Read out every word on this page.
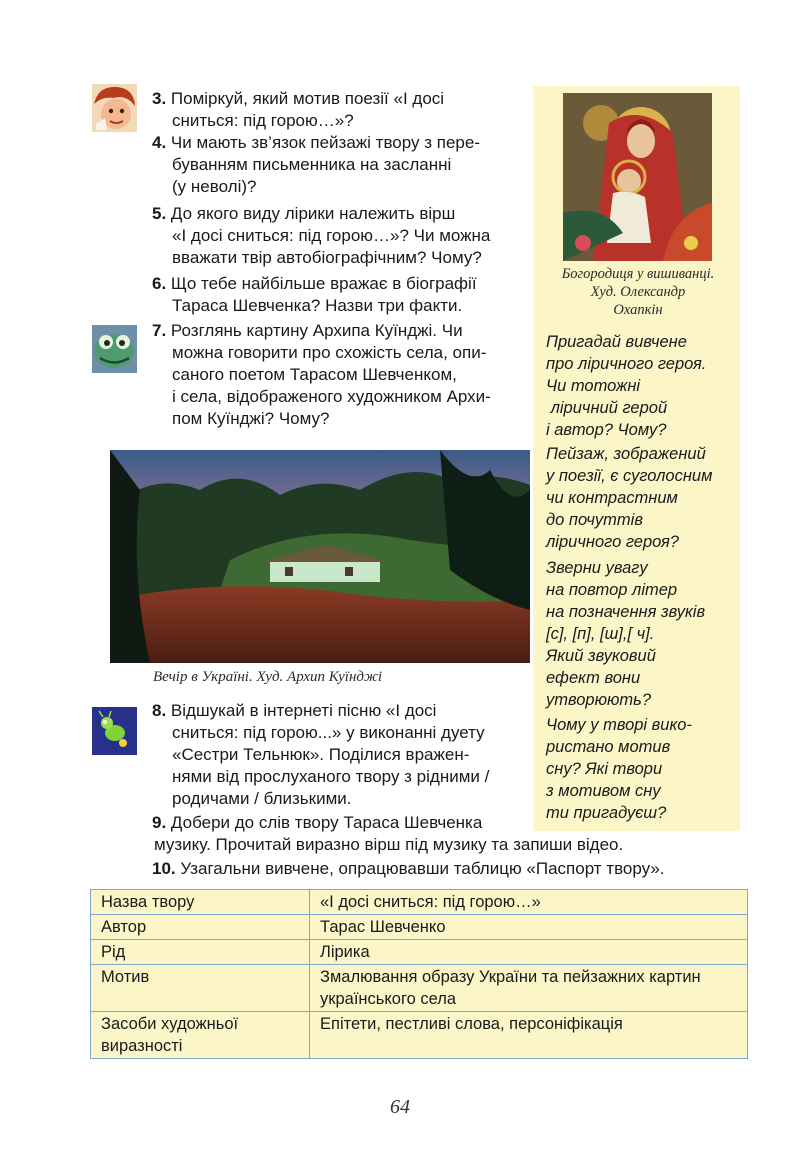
3. Поміркуй, який мотив поезії «І досі
сниться: під горою…»?
4. Чи мають зв’язок пейзажі твору з пере-
буванням письменника на засланні
(у неволі)?
5. До якого виду лірики належить вірш
«І досі сниться: під горою…»? Чи можна
вважати твір автобіографічним? Чому?
6. Що тебе найбільше вражає в біографії
Тараса Шевченка? Назви три факти.
7. Розглянь картину Архипа Куїнджі. Чи
можна говорити про схожість села, опи-
саного поетом Тарасом Шевченком,
і села, відображеного художником Архи-
пом Куїнджі? Чому?
Вечір в Україні. Худ. Архип Куїнджі
8. Відшукай в інтернеті пісню «І досі
сниться: під горою...» у виконанні дуету
«Сестри Тельнюк». Поділися вражен-
нями від прослуханого твору з рідними /
родичами / близькими.
9. Добери до слів твору Тараса Шевченка
музику. Прочитай виразно вірш під музику та запиши відео.
10. Узагальни вивчене, опрацювавши таблицю «Паспорт твору».
Богородиця у вишиванці.
Худ. Олександр
Охапкін
Пригадай вивчене
про ліричного героя.
Чи тотожні
ліричний герой
і автор? Чому?
Пейзаж, зображений
у поезії, є суголосним
чи контрастним
до почуттів
ліричного героя?
Зверни увагу
на повтор літер
на позначення звуків
[с], [п], [ш],[ ч].
Який звуковий
ефект вони
утворюють?
Чому у творі вико-
ристано мотив
сну? Які твори
з мотивом сну
ти пригадуєш?
Назва твору	«І досі сниться: під горою…»
Автор	Тарас Шевченко
Рід	Лірика
Мотив	Змалювання образу України та пейзажних картин українського села
Засоби художньої виразності	Епітети, пестливі слова, персоніфікація
64
